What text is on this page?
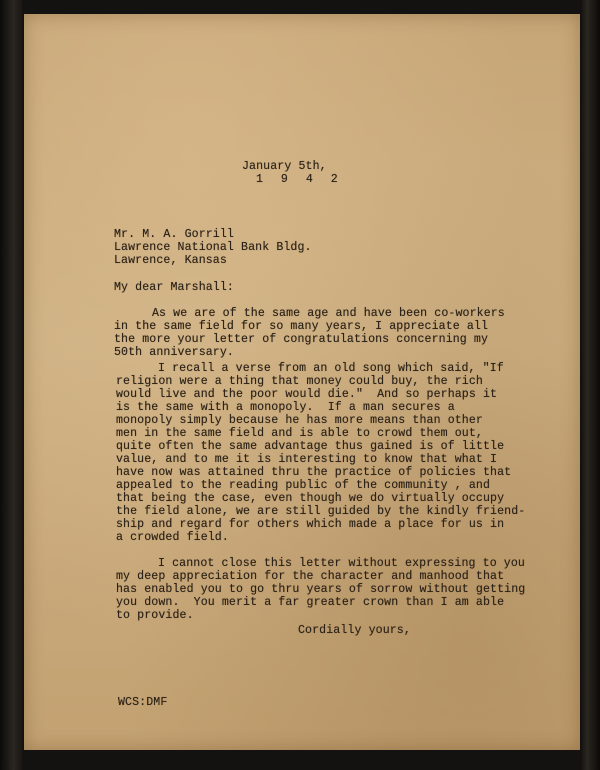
January 5th,
1 9 4 2
Mr. M. A. Gorrill
Lawrence National Bank Bldg.
Lawrence, Kansas
My dear Marshall:
As we are of the same age and have been co-workers
in the same field for so many years, I appreciate all
the more your letter of congratulations concerning my
50th anniversary.
I recall a verse from an old song which said, "If
religion were a thing that money could buy, the rich
would live and the poor would die."  And so perhaps it
is the same with a monopoly.  If a man secures a
monopoly simply because he has more means than other
men in the same field and is able to crowd them out,
quite often the same advantage thus gained is of little
value, and to me it is interesting to know that what I
have now was attained thru the practice of policies that
appealed to the reading public of the community , and
that being the case, even though we do virtually occupy
the field alone, we are still guided by the kindly friend-
ship and regard for others which made a place for us in
a crowded field.
I cannot close this letter without expressing to you
my deep appreciation for the character and manhood that
has enabled you to go thru years of sorrow without getting
you down.  You merit a far greater crown than I am able
to provide.
Cordially yours,
WCS:DMF
